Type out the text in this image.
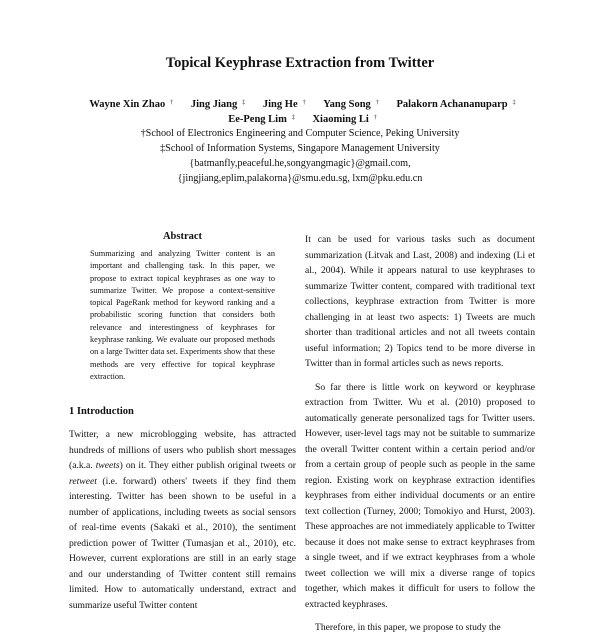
Topical Keyphrase Extraction from Twitter
Wayne Xin Zhao † Jing Jiang ‡ Jing He † Yang Song † Palakorn Achananuparp ‡
Ee-Peng Lim ‡ Xiaoming Li †
†School of Electronics Engineering and Computer Science, Peking University
‡School of Information Systems, Singapore Management University
{batmanfly,peaceful.he,songyangmagic}@gmail.com,
{jingjiang,eplim,palakorna}@smu.edu.sg, lxm@pku.edu.cn
Abstract

Summarizing and analyzing Twitter content is an important and challenging task. In this paper, we propose to extract topical keyphrases as one way to summarize Twitter. We propose a context-sensitive topical PageRank method for keyword ranking and a probabilistic scoring function that considers both relevance and interestingness of keyphrases for keyphrase ranking. We evaluate our proposed methods on a large Twitter data set. Experiments show that these methods are very effective for topical keyphrase extraction.

1 Introduction

Twitter, a new microblogging website, has attracted hundreds of millions of users who publish short messages (a.k.a. tweets) on it. They either publish original tweets or retweet (i.e. forward) others' tweets if they find them interesting. Twitter has been shown to be useful in a number of applications, including tweets as social sensors of real-time events (Sakaki et al., 2010), the sentiment prediction power of Twitter (Tumasjan et al., 2010), etc. However, current explorations are still in an early stage and our understanding of Twitter content still remains limited. How to automatically understand, extract and summarize useful Twitter content

It can be used for various tasks such as document summarization (Litvak and Last, 2008) and indexing (Li et al., 2004). While it appears natural to use keyphrases to summarize Twitter content, compared with traditional text collections, keyphrase extraction from Twitter is more challenging in at least two aspects: 1) Tweets are much shorter than traditional articles and not all tweets contain useful information; 2) Topics tend to be more diverse in Twitter than in formal articles such as news reports.

So far there is little work on keyword or keyphrase extraction from Twitter. Wu et al. (2010) proposed to automatically generate personalized tags for Twitter users. However, user-level tags may not be suitable to summarize the overall Twitter content within a certain period and/or from a certain group of people such as people in the same region. Existing work on keyphrase extraction identifies keyphrases from either individual documents or an entire text collection (Turney, 2000; Tomokiyo and Hurst, 2003). These approaches are not immediately applicable to Twitter because it does not make sense to extract keyphrases from a single tweet, and if we extract keyphrases from a whole tweet collection we will mix a diverse range of topics together, which makes it difficult for users to follow the extracted keyphrases.

Therefore, in this paper, we propose to study the
